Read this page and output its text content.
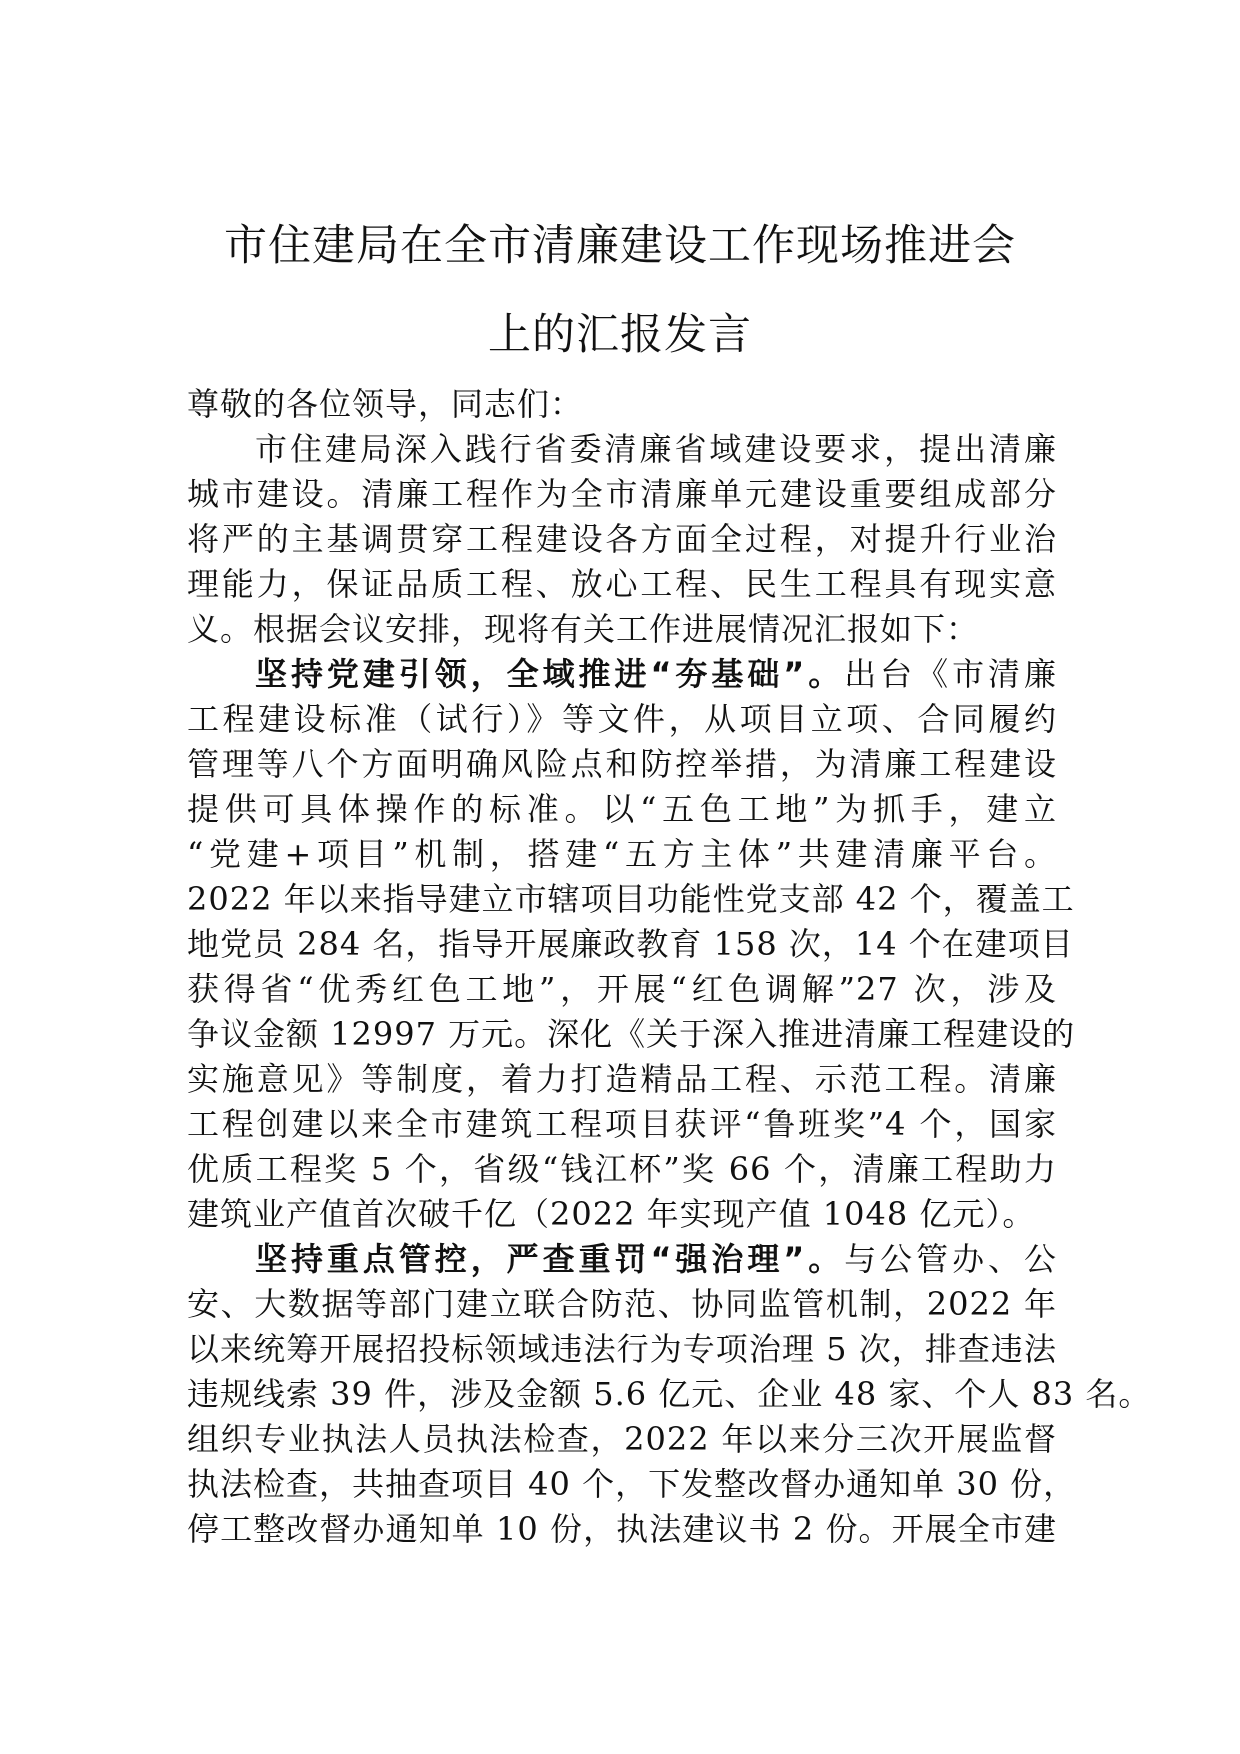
市住建局在全市清廉建设工作现场推进会
上的汇报发言
尊敬的各位领导，同志们：
市住建局深入践行省委清廉省域建设要求，提出清廉
城市建设。清廉工程作为全市清廉单元建设重要组成部分
将严的主基调贯穿工程建设各方面全过程，对提升行业治
理能力，保证品质工程、放心工程、民生工程具有现实意
义。根据会议安排，现将有关工作进展情况汇报如下：
坚持党建引领，全域推进“夯基础”。出台《市清廉
工程建设标准（试行）》等文件，从项目立项、合同履约
管理等八个方面明确风险点和防控举措，为清廉工程建设
提供可具体操作的标准。以“五色工地”为抓手，建立
“党建+项目”机制，搭建“五方主体”共建清廉平台。
2022 年以来指导建立市辖项目功能性党支部 42 个，覆盖工
地党员 284 名，指导开展廉政教育 158 次，14 个在建项目
获得省“优秀红色工地”，开展“红色调解”27 次，涉及
争议金额 12997 万元。深化《关于深入推进清廉工程建设的
实施意见》等制度，着力打造精品工程、示范工程。清廉
工程创建以来全市建筑工程项目获评“鲁班奖”4 个，国家
优质工程奖 5 个，省级“钱江杯”奖 66 个，清廉工程助力
建筑业产值首次破千亿（2022 年实现产值 1048 亿元）。
坚持重点管控，严查重罚“强治理”。与公管办、公
安、大数据等部门建立联合防范、协同监管机制，2022 年
以来统筹开展招投标领域违法行为专项治理 5 次，排查违法
违规线索 39 件，涉及金额 5.6 亿元、企业 48 家、个人 83 名。
组织专业执法人员执法检查，2022 年以来分三次开展监督
执法检查，共抽查项目 40 个，下发整改督办通知单 30 份，
停工整改督办通知单 10 份，执法建议书 2 份。开展全市建
